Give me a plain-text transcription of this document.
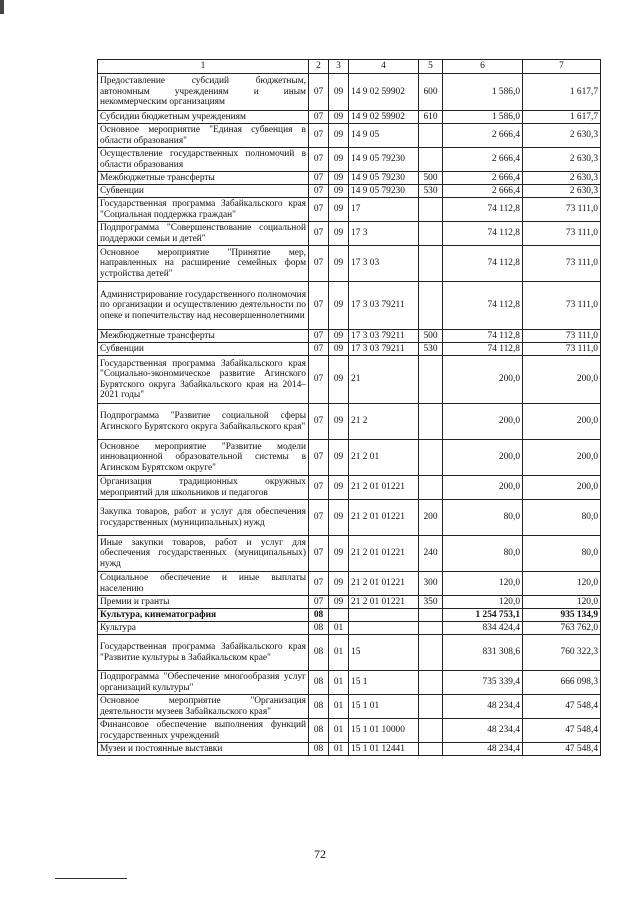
1	2	3	4	5	6	7
Предоставление субсидий бюджетным, автономным учреждениям и иным некоммерческим организациям	07	09	14 9 02 59902	600	1 586,0	1 617,7
Субсидии бюджетным учреждениям	07	09	14 9 02 59902	610	1 586,0	1 617,7
Основное мероприятие "Единая субвенция в области образования"	07	09	14 9 05		2 666,4	2 630,3
Осуществление государственных полномочий в области образования	07	09	14 9 05 79230		2 666,4	2 630,3
Межбюджетные трансферты	07	09	14 9 05 79230	500	2 666,4	2 630,3
Субвенции	07	09	14 9 05 79230	530	2 666,4	2 630,3
Государственная программа Забайкальского края "Социальная поддержка граждан"	07	09	17		74 112,8	73 111,0
Подпрограмма "Совершенствование социальной поддержки семьи и детей"	07	09	17 3		74 112,8	73 111,0
Основное мероприятие "Принятие мер, направленных на расширение семейных форм устройства детей"	07	09	17 3 03		74 112,8	73 111,0
Администрирование государственного полномочия по организации и осуществлению деятельности по опеке и попечительству над несовершеннолетними	07	09	17 3 03 79211		74 112,8	73 111,0
Межбюджетные трансферты	07	09	17 3 03 79211	500	74 112,8	73 111,0
Субвенции	07	09	17 3 03 79211	530	74 112,8	73 111,0
Государственная программа Забайкальского края "Социально-экономическое развитие Агинского Бурятского округа Забайкальского края на 2014–2021 годы"	07	09	21		200,0	200,0
Подпрограмма "Развитие социальной сферы Агинского Бурятского округа Забайкальского края"	07	09	21 2		200,0	200,0
Основное мероприятие "Развитие модели инновационной образовательной системы в Агинском Бурятском округе"	07	09	21 2 01		200,0	200,0
Организация традиционных окружных мероприятий для школьников и педагогов	07	09	21 2 01 01221		200,0	200,0
Закупка товаров, работ и услуг для обеспечения государственных (муниципальных) нужд	07	09	21 2 01 01221	200	80,0	80,0
Иные закупки товаров, работ и услуг для обеспечения государственных (муниципальных) нужд	07	09	21 2 01 01221	240	80,0	80,0
Социальное обеспечение и иные выплаты населению	07	09	21 2 01 01221	300	120,0	120,0
Премии и гранты	07	09	21 2 01 01221	350	120,0	120,0
Культура, кинематография	08				1 254 753,1	935 134,9
Культура	08	01			834 424,4	763 762,0
Государственная программа Забайкальского края "Развитие культуры в Забайкальском крае"	08	01	15		831 308,6	760 322,3
Подпрограмма "Обеспечение многообразия услуг организаций культуры"	08	01	15 1		735 339,4	666 098,3
Основное мероприятие "Организация деятельности музеев Забайкальского края"	08	01	15 1 01		48 234,4	47 548,4
Финансовое обеспечение выполнения функций государственных учреждений	08	01	15 1 01 10000		48 234,4	47 548,4
Музеи и постоянные выставки	08	01	15 1 01 12441		48 234,4	47 548,4
72
